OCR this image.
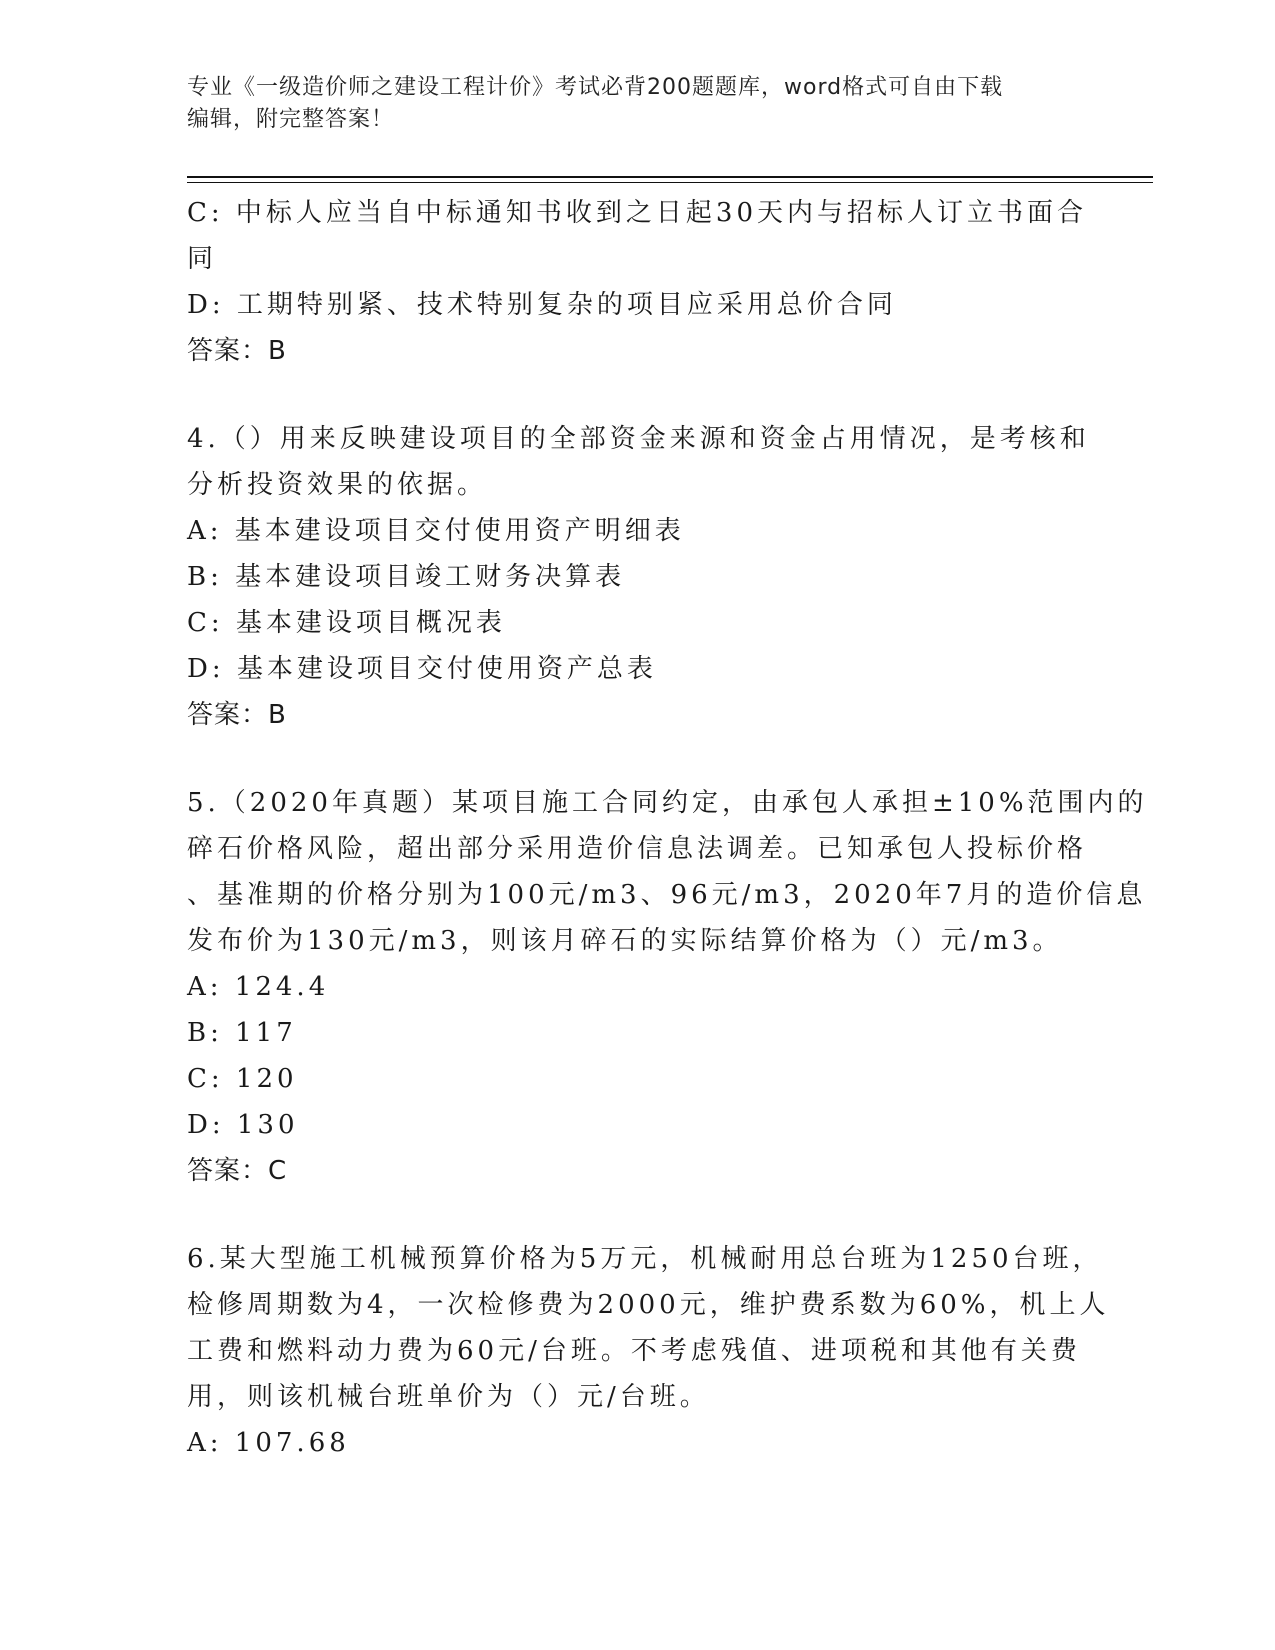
专业《一级造价师之建设工程计价》考试必背200题题库，word格式可自由下载
编辑，附完整答案！

C: 中标人应当自中标通知书收到之日起30天内与招标人订立书面合

同

D: 工期特别紧、技术特别复杂的项目应采用总价合同

答案：B

4.（）用来反映建设项目的全部资金来源和资金占用情况，是考核和

分析投资效果的依据。

A: 基本建设项目交付使用资产明细表

B: 基本建设项目竣工财务决算表

C: 基本建设项目概况表

D: 基本建设项目交付使用资产总表

答案：B

5.（2020年真题）某项目施工合同约定，由承包人承担±10%范围内的

碎石价格风险，超出部分采用造价信息法调差。已知承包人投标价格

、基准期的价格分别为100元/m3、96元/m3，2020年7月的造价信息

发布价为130元/m3，则该月碎石的实际结算价格为（）元/m3。

A: 124.4

B: 117

C: 120

D: 130

答案：C

6.某大型施工机械预算价格为5万元，机械耐用总台班为1250台班，

检修周期数为4，一次检修费为2000元，维护费系数为60%，机上人

工费和燃料动力费为60元/台班。不考虑残值、进项税和其他有关费

用，则该机械台班单价为（）元/台班。

A: 107.68
